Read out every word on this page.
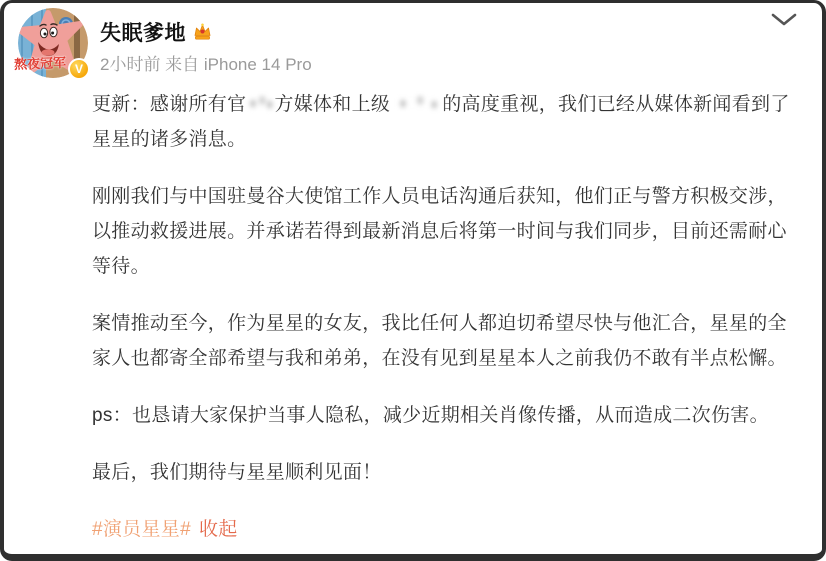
熬夜冠军 V
失眠爹地
2小时前 来自 iPhone 14 Pro

更新：感谢所有官 方媒体和上级	的高度重视，我们已经从媒体新闻看到了星星的诸多消息。

刚刚我们与中国驻曼谷大使馆工作人员电话沟通后获知，他们正与警方积极交涉，以推动救援进展。并承诺若得到最新消息后将第一时间与我们同步，目前还需耐心等待。

案情推动至今，作为星星的女友，我比任何人都迫切希望尽快与他汇合，星星的全家人也都寄全部希望与我和弟弟，在没有见到星星本人之前我仍不敢有半点松懈。

ps：也恳请大家保护当事人隐私，减少近期相关肖像传播，从而造成二次伤害。

最后，我们期待与星星顺利见面！

#演员星星# 收起
